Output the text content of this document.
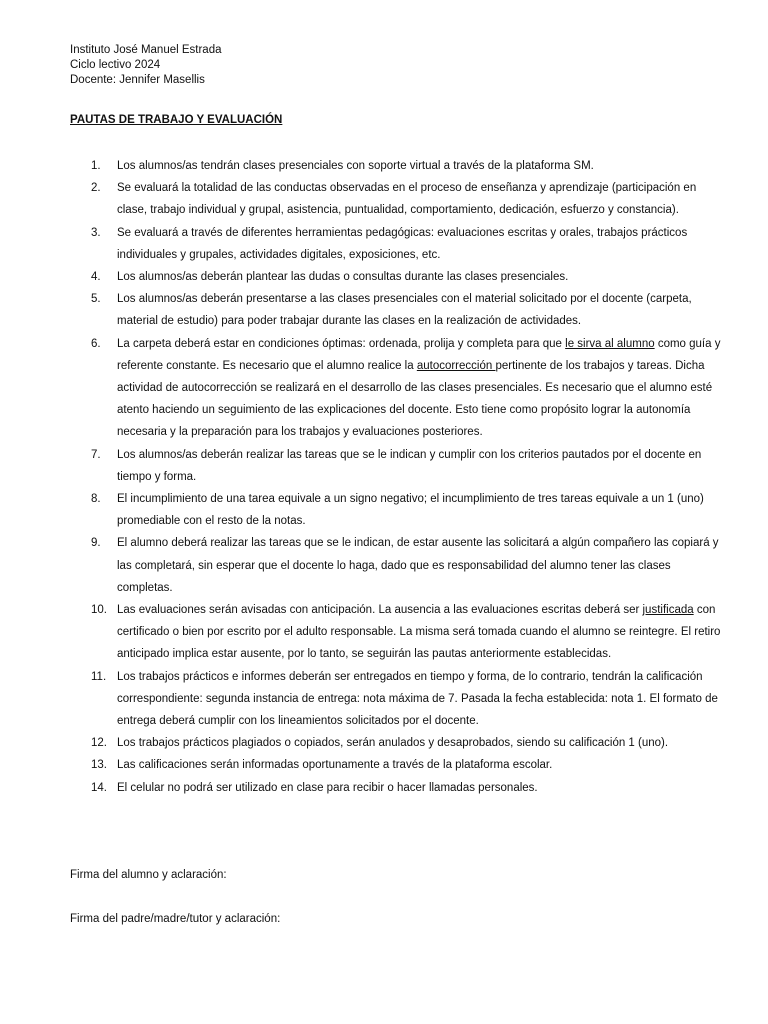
Instituto José Manuel Estrada

Ciclo lectivo 2024

Docente: Jennifer Masellis

PAUTAS DE TRABAJO Y EVALUACIÓN

1.	Los alumnos/as tendrán clases presenciales con soporte virtual a través de la plataforma SM.
2.	Se evaluará la totalidad de las conductas observadas en el proceso de enseñanza y aprendizaje (participación en clase, trabajo individual y grupal, asistencia, puntualidad, comportamiento, dedicación, esfuerzo y constancia).
3.	Se evaluará a través de diferentes herramientas pedagógicas: evaluaciones escritas y orales, trabajos prácticos individuales y grupales, actividades digitales, exposiciones, etc.
4.	Los alumnos/as deberán plantear las dudas o consultas durante las clases presenciales.
5.	Los alumnos/as deberán presentarse a las clases presenciales con el material solicitado por el docente (carpeta, material de estudio) para poder trabajar durante las clases en la realización de actividades.
6.	La carpeta deberá estar en condiciones óptimas: ordenada, prolija y completa para que le sirva al alumno como guía y referente constante. Es necesario que el alumno realice la autocorrección pertinente de los trabajos y tareas. Dicha actividad de autocorrección se realizará en el desarrollo de las clases presenciales. Es necesario que el alumno esté atento haciendo un seguimiento de las explicaciones del docente. Esto tiene como propósito lograr la autonomía necesaria y la preparación para los trabajos y evaluaciones posteriores.
7.	Los alumnos/as deberán realizar las tareas que se le indican y cumplir con los criterios pautados por el docente en tiempo y forma.
8.	El incumplimiento de una tarea equivale a un signo negativo; el incumplimiento de tres tareas equivale a un 1 (uno) promediable con el resto de la notas.
9.	El alumno deberá realizar las tareas que se le indican, de estar ausente las solicitará a algún compañero las copiará y las completará, sin esperar que el docente lo haga, dado que es responsabilidad del alumno tener las clases completas.
10. Las evaluaciones serán avisadas con anticipación. La ausencia a las evaluaciones escritas deberá ser justificada con certificado o bien por escrito por el adulto responsable. La misma será tomada cuando el alumno se reintegre. El retiro anticipado implica estar ausente, por lo tanto, se seguirán las pautas anteriormente establecidas.
11. Los trabajos prácticos e informes deberán ser entregados en tiempo y forma, de lo contrario, tendrán la calificación correspondiente: segunda instancia de entrega: nota máxima de 7. Pasada la fecha establecida: nota 1. El formato de entrega deberá cumplir con los lineamientos solicitados por el docente.
12. Los trabajos prácticos plagiados o copiados, serán anulados y desaprobados, siendo su calificación 1 (uno).
13. Las calificaciones serán informadas oportunamente a través de la plataforma escolar.
14. El celular no podrá ser utilizado en clase para recibir o hacer llamadas personales.

Firma del alumno y aclaración:

Firma del padre/madre/tutor y aclaración:
